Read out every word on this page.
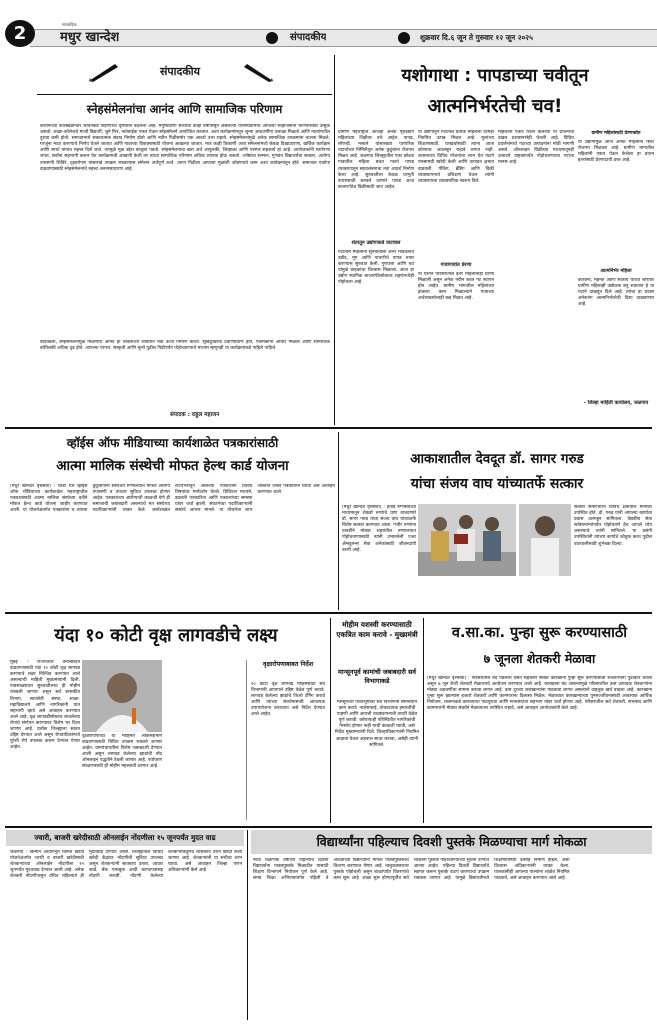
2	साप्ताहिक
मधुर खान्देश	संपादकीय	शुक्रवार दि.६ जून ते गुरुवार १२ जून २०२५
संपादकीय
स्नेहसंमेलनांचा आनंद आणि सामाजिक परिणाम
कोरोनाच्या कालखंडानंतर जीवनकडे पाहण्याचा दृष्टिकोन बदलला आहे. मनुष्यप्राणी सध्याचा काही वर्षांपासून असलेल्या परिस्थितीमध्ये आपल्या स्नेहीजनांना भेटण्यासाठी उत्सुक असतो. शाळा-कॉलेजचे माजी विद्यार्थी, जुने मित्र, नातेवाईक एकत्र येऊन स्नेहसंमेलने आयोजित करतात. अशा कार्यक्रमांमधून जुन्या आठवणींना उजाळा मिळतो आणि नात्यांमधील दुरावा कमी होतो. समाजामध्ये सकारात्मक संवाद निर्माण होतो आणि नवीन पिढीसमोर एक आदर्श उभा राहतो. स्नेहसंमेलनांमुळे अनेक सामाजिक उपक्रमांना चालना मिळते, गरजूंना मदत करण्याचे निर्णय घेतले जातात आणि गावाच्या विकासासाठी योजना आखल्या जातात. मात्र काही ठिकाणी अशा संमेलनांमध्ये केवळ दिखाऊपणा, खर्चिक कार्यक्रम आणि स्पर्धा यांनाच महत्त्व दिले जाते. त्यामुळे मूळ उद्देश बाजूला पडतो. स्नेहसंमेलनाचा खरा अर्थ आपुलकी, जिव्हाळा आणि परस्पर सहकार्य हा आहे. आयोजकांनी साधेपणा जपत, सर्वांना सहभागी करून घेत कार्यक्रमाची आखणी केली तर त्याचा सामाजिक परिणाम अधिक व्यापक होऊ शकतो. ज्येष्ठांचा सन्मान, गुणवंत विद्यार्थ्यांचा सत्कार, आरोग्य तपासणी शिबिरे, वृक्षारोपण यांसारखे उपक्रम राबवल्यास संमेलन अर्थपूर्ण ठरते. तरुण पिढीला आपल्या मुळांशी जोडण्याचे काम अशा कार्यक्रमांतून होते. समाजात एकोपा वाढवण्यासाठी स्नेहसंमेलनांचे महत्त्व अनन्यसाधारण आहे.
बोदवडला, स्नेहसंमेलनांमुळे मिळणारा आनंद हा व्यक्तीच्या जीवनात नवी ऊर्जा निर्माण करतो. सुखदुःखांची देवाणघेवाण होते, एकमेकांना आधार मिळतो आणि सामाजिक बांधिलकी अधिक दृढ होते. आपल्या परंपरा, संस्कृती आणि मूल्ये पुढील पिढीपर्यंत पोहोचवण्याचे माध्यम म्हणूनही या कार्यक्रमांकडे पाहिले पाहिजे.
संपादक : राहुल महाजन
यशोगाथा : पापडाच्या चवीतून
आत्मनिर्भरतेची चव!
ग्रामीण महाराष्ट्रात आजही अनेक गृहउद्योग महिलांच्या जिद्दीवर उभे आहेत. पापड, लोणची, मसाले यांसारख्या पारंपरिक पदार्थांच्या निर्मितीतून अनेक कुटुंबांना रोजगार मिळत आहे. जळगाव जिल्ह्यातील एका छोट्या गावातील महिला बचत गटाने पापड व्यवसायातून स्वावलंबनाचा नवा आदर्श निर्माण केला आहे. सुरुवातीला केवळ घरगुती वापरासाठी बनवले जाणारे पापड आज बाजारपेठेत विक्रीसाठी जात आहेत.
शेतातून उद्योगाकडे वाटचाल
गटातील महिलांनी सुरुवातीला अल्प भांडवलात उडीद, मूग आणि नाचणीचे पापड तयार करण्यास सुरुवात केली. गुणवत्ता आणि चव यांमुळे ग्राहकांचा विश्वास मिळाला. आज हा उद्योग स्थानिक बाजारपेठेसोबतच शहरांमध्येही पोहोचला आहे.
या उद्योगातून गटातील प्रत्येक महिलेला दरमहा नियमित उत्पन्न मिळत आहे. मुलांच्या शिक्षणासाठी, घरखर्चासाठी त्यांना आता कोणावर अवलंबून राहावे लागत नाही. शासनाच्या विविध योजनांचा लाभ घेत गटाने यंत्रसामग्री खरेदी केली आणि उत्पादन क्षमता वाढवली. पॅकिंग, ब्रँडिंग आणि विक्री व्यवस्थापनाचे प्रशिक्षण घेऊन त्यांनी व्यवसायाला व्यावसायिक स्वरूप दिले.
गावागावांत प्रेरणा
या यशाने परिसरातील इतर महिलांनाही प्रेरणा मिळाली असून अनेक नवीन बचत गट स्थापन होत आहेत. ग्रामीण भागातील महिलांच्या हाताला काम मिळाल्याने गावाच्या अर्थव्यवस्थेलाही बळ मिळत आहे.
महिलांनी एकत्र येऊन केलेल्या या प्रयत्नांची दखल प्रशासनानेही घेतली आहे. विविध प्रदर्शनांमध्ये गटाच्या उत्पादनांना मोठी मागणी असते. ऑनलाइन विक्रीच्या माध्यमातूनही उत्पादने ग्राहकांपर्यंत पोहोचवण्याचा गटाचा मानस आहे.
ग्रामीण महिलांसाठी प्रेरणास्रोत
या उद्योगामुळे आज अनेक महिलांना स्थिर रोजगार मिळाला आहे. ग्रामीण भागातील महिलांनी एकत्र येऊन केलेला हा प्रयत्न इतरांसाठी प्रेरणादायी ठरत आहे.
आत्मनिर्भर महिला
कौशल्य, मेहनत आणि सातत्य यांच्या जोरावर ग्रामीण महिलाही उद्योजक बनू शकतात हे या गटाने दाखवून दिले आहे. त्यांचा हा प्रवास अनेकांना आत्मनिर्भरतेची दिशा दाखवणारा आहे.
- जिल्हा माहिती कार्यालय, जळगाव
व्हॉईस ऑफ मीडियाच्या कार्यशाळेत पत्रकारांसाठी
आत्मा मालिक संस्थेची मोफत हेल्थ कार्ड योजना
(मधुर खान्देश वृत्तसेवा) : शिर्डी येथे व्हॉईस ऑफ मीडियाच्या कार्यशाळेत महाराष्ट्रातील पत्रकारांसाठी आत्मा मालिक संस्थेच्या वतीने मोफत हेल्थ कार्ड योजना जाहीर करण्यात आली. या योजनेअंतर्गत पत्रकारांना व त्यांच्या कुटुंबीयांना संस्थेच्या रुग्णालयात मोफत आरोग्य तपासणी व उपचार सुविधा उपलब्ध होणार आहेत. पत्रकारांच्या आरोग्याची काळजी घेणे ही समाजाची जबाबदारी असल्याचे मत संस्थेच्या पदाधिकाऱ्यांनी व्यक्त केले. कार्यशाळेत राज्यभरातून आलेल्या पत्रकारांनी विविध विषयांवर मार्गदर्शन घेतले. डिजिटल माध्यमे, बदलती पत्रकारिता आणि पत्रकारांच्या समस्या यांवर चर्चा झाली. संघटनेच्या पदाधिकाऱ्यांनी संस्थेचे आभार मानले. या योजनेचा लाभ जास्तीत जास्त पत्रकारांनी घ्यावा असे आवाहन करण्यात आले.
आकाशातील देवदूत डॉ. सागर गरुड
यांचा संजय वाघ यांच्यातर्फे सत्कार
(मधुर खान्देश वृत्तसेवा) : हवाई रुग्णसेवेच्या माध्यमातून शेकडो रुग्णांचे प्राण वाचवणारे डॉ. सागर गरुड यांचा संजय वाघ यांच्यातर्फे विशेष सत्कार करण्यात आला. गंभीर रुग्णांना तातडीने मोठ्या शहरांतील रुग्णालयात पोहोचवण्यासाठी त्यांनी उभारलेली एअर ॲम्ब्युलन्स सेवा अनेकांसाठी जीवनदायी ठरली आहे.
सत्कार समारंभाला विविध क्षेत्रांतील मान्यवर उपस्थित होते. डॉ. गरुड यांनी आपल्या कार्याचा प्रवास उलगडून सांगितला. वैद्यकीय सेवा सर्वसामान्यांपर्यंत पोहोचवणे हेच आपले ध्येय असल्याचे त्यांनी सांगितले. या प्रसंगी उपस्थितांनी त्यांच्या कार्याचे कौतुक करत पुढील वाटचालीसाठी शुभेच्छा दिल्या.
यंदा १० कोटी वृक्ष लागवडीचे लक्ष्य
मुंबई : राज्यातील वनाच्छादन वाढवण्यासाठी यंदा १० कोटी वृक्ष लागवड करण्याचे लक्ष्य निश्चित करण्यात आले असल्याची माहिती मुख्यमंत्र्यांनी दिली. पावसाळ्याच्या सुरुवातीलाच ही मोहीम राबवली जाणार असून सर्व शासकीय विभाग, स्वयंसेवी संस्था, शाळा-महाविद्यालये आणि नागरिकांनी यात सहभागी व्हावे असे आवाहन करण्यात आले आहे. वृक्ष लागवडीसोबतच लावलेल्या रोपांचे संगोपन करण्यावर विशेष भर दिला जाणार आहे. प्रत्येक जिल्ह्याला स्वतंत्र उद्दिष्ट देण्यात आले असून रोपवाटिकांमध्ये पुरेशी रोपे उपलब्ध करून देण्यात येणार आहेत.
वृक्षारोपणाच्या या मोहिमेत लोकसहभाग वाढवण्यासाठी विविध उपक्रम राबवले जाणार आहेत. ग्रामपंचायतींना विशेष जबाबदारी देण्यात आली असून लागवड केलेल्या झाडांची नोंद ऑनलाइन पद्धतीने ठेवली जाणार आहे. पर्यावरण संरक्षणासाठी ही मोहीम महत्त्वाची ठरणार आहे.
वृक्षारोपणाबाबत निर्देश
१० कोटी वृक्ष लागवड मोहिमेसाठी सर्व विभागांनी आपापले उद्दिष्ट वेळेत पूर्ण करावे. लागवड केलेल्या झाडांचे जिओ टॅगिंग करावे आणि त्यांच्या संवर्धनासाठी आवश्यक उपाययोजना कराव्यात असे निर्देश देण्यात आले आहेत.
मोहीम यशस्वी करण्यासाठी एकत्रित काम करावे - मुख्यमंत्री
मान्सूनपूर्व कामांची जबाबदारी सर्व विभागाकडे
मान्सूनच्या पार्श्वभूमीवर सर्व विभागांनी समन्वयाने काम करावे. नालेसफाई, धोकादायक इमारतींची पाहणी आणि आपत्ती व्यवस्थापनाची तयारी वेळेत पूर्ण करावी. कोणत्याही परिस्थितीत नागरिकांची गैरसोय होणार नाही याची काळजी घ्यावी, असे निर्देश मुख्यमंत्र्यांनी दिले. जिल्हाधिकाऱ्यांनी नियमित आढावा घेऊन अहवाल सादर करावा, असेही त्यांनी सांगितले.
व.सा.का. पुन्हा सुरू करण्यासाठी
७ जूनला शेतकरी मेळावा
(मधुर खान्देश वृत्तसेवा) : परिसरातील बंद पडलेला वसंत सहकारी साखर कारखाना पुन्हा सुरू करण्यासाठी शेतकऱ्यांनी पुढाकार घेतला असून ७ जून रोजी शेतकरी मेळाव्याचे आयोजन करण्यात आले आहे. कारखाना बंद असल्यामुळे परिसरातील ऊस उत्पादक शेतकऱ्यांना मोठ्या अडचणींचा सामना करावा लागत आहे. ऊस दूरच्या कारखान्यांना पाठवावा लागत असल्याने वाहतूक खर्च वाढला आहे. कारखाना पुन्हा सुरू झाल्यास हजारो शेतकरी आणि कामगारांना दिलासा मिळेल. मेळाव्यात कारखान्याच्या पुनरुज्जीवनासाठी आवश्यक आर्थिक नियोजन, शासनाकडे करावयाचा पाठपुरावा आणि सभासदांचा सहभाग यांवर चर्चा होणार आहे. परिसरातील सर्व शेतकरी, सभासद आणि कामगारांनी मोठ्या संख्येने मेळाव्याला उपस्थित राहावे, असे आवाहन आयोजकांनी केले आहे.
ज्वारी, बाजरी खरेदीसाठी ऑनलाईन नोंदणीला १५ जूनपर्यंत मुदत वाढ
जळगाव : किमान आधारभूत किंमत खरेदी योजनेअंतर्गत ज्वारी व बाजरी खरेदीसाठी शेतकऱ्यांच्या ऑनलाईन नोंदणीला १५ जूनपर्यंत मुदतवाढ देण्यात आली आहे. अनेक शेतकरी नोंदणीपासून वंचित राहिल्याने ही मुदतवाढ देण्यात आली. जिल्ह्यातील विविध खरेदी केंद्रांवर नोंदणीची सुविधा उपलब्ध असून शेतकऱ्यांनी सातबारा उतारा, आधार कार्ड, बँक पासबुक आदी कागदपत्रांसह नोंदणी करावी. नोंदणी केलेल्या शेतकऱ्यांकडूनच शासकीय दराने खरेदी केली जाणार आहे. शेतकऱ्यांनी या संधीचा लाभ घ्यावा, असे आवाहन जिल्हा पणन अधिकाऱ्यांनी केले आहे.
विद्यार्थ्यांना पहिल्याच दिवशी पुस्तके मिळण्याचा मार्ग मोकळा
नव्या शैक्षणिक वर्षाच्या पहिल्याच दिवशी विद्यार्थ्यांना पाठ्यपुस्तके मिळावीत यासाठी शिक्षण विभागाने नियोजन पूर्ण केले आहे. समग्र शिक्षा अभियानांतर्गत पहिली ते आठवीच्या विद्यार्थ्यांना मोफत पाठ्यपुस्तकांचे वितरण करण्यात येणार आहे. तालुकास्तरावर पुस्तके पोहोचली असून शाळांपर्यंत वितरणाचे काम सुरू आहे. शाळा सुरू होण्यापूर्वीच सर्व शाळांना पुस्तके पोहोचवण्याच्या सूचना देण्यात आल्या आहेत. पहिल्या दिवशी विद्यार्थ्यांचे स्वागत करून पुस्तके वाटप करण्याचा उपक्रम राबवला जाणार आहे. यामुळे विद्यार्थ्यांमध्ये शिक्षणाविषयी उत्साह निर्माण होईल, असा विश्वास अधिकाऱ्यांनी व्यक्त केला. पालकांनीही आपल्या पाल्यांना शाळेत नियमित पाठवावे, असे आवाहन करण्यात आले आहे.
